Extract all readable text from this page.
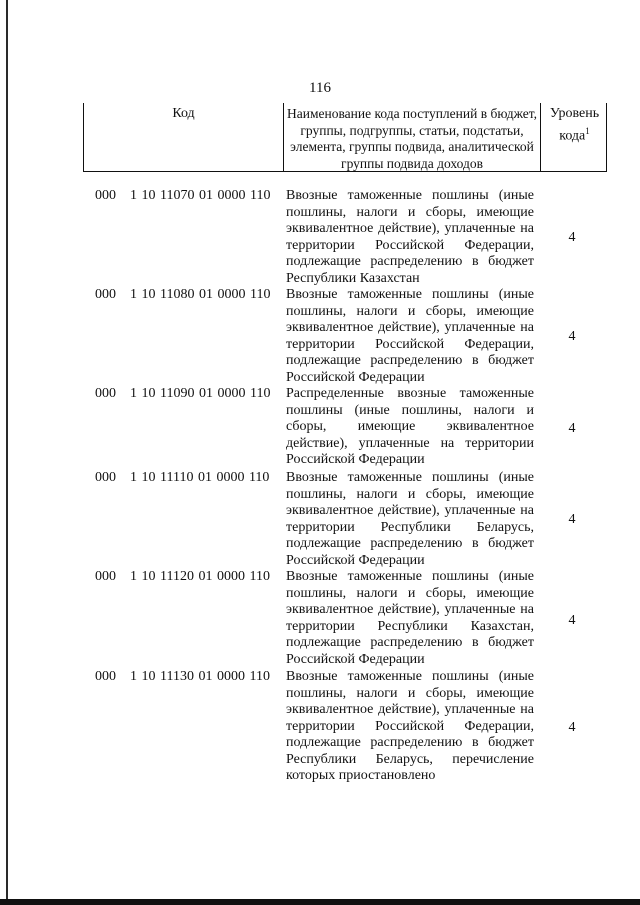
116
Код	Наименование кода поступлений в бюджет, группы, подгруппы, статьи, подстатьи, элемента, группы подвида, аналитической группы подвида доходов
Уровень кода$^1$
000 1 10 11070 01 0000 110 Ввозные таможенные пошлины (иные пошлины, налоги и сборы, имеющие эквивалентное действие), уплаченные на территории Российской Федерации, подлежащие распределению в бюджет Республики Казахстан
4
000 1 10 11080 01 0000 110 Ввозные таможенные пошлины (иные пошлины, налоги и сборы, имеющие эквивалентное действие), уплаченные на территории Российской Федерации, подлежащие распределению в бюджет Российской Федерации
4
000 1 10 11090 01 0000 110 Распределенные ввозные таможенные пошлины (иные пошлины, налоги и сборы, имеющие эквивалентное действие), уплаченные на территории Российской Федерации
4
000 1 10 11110 01 0000 110 Ввозные таможенные пошлины (иные пошлины, налоги и сборы, имеющие эквивалентное действие), уплаченные на территории Республики Беларусь, подлежащие распределению в бюджет Российской Федерации
4
000 1 10 11120 01 0000 110 Ввозные таможенные пошлины (иные пошлины, налоги и сборы, имеющие эквивалентное действие), уплаченные на территории Республики Казахстан, подлежащие распределению в бюджет Российской Федерации
4
000 1 10 11130 01 0000 110 Ввозные таможенные пошлины (иные пошлины, налоги и сборы, имеющие эквивалентное действие), уплаченные на территории Российской Федерации, подлежащие распределению в бюджет Республики Беларусь, перечисление которых приостановлено
4
